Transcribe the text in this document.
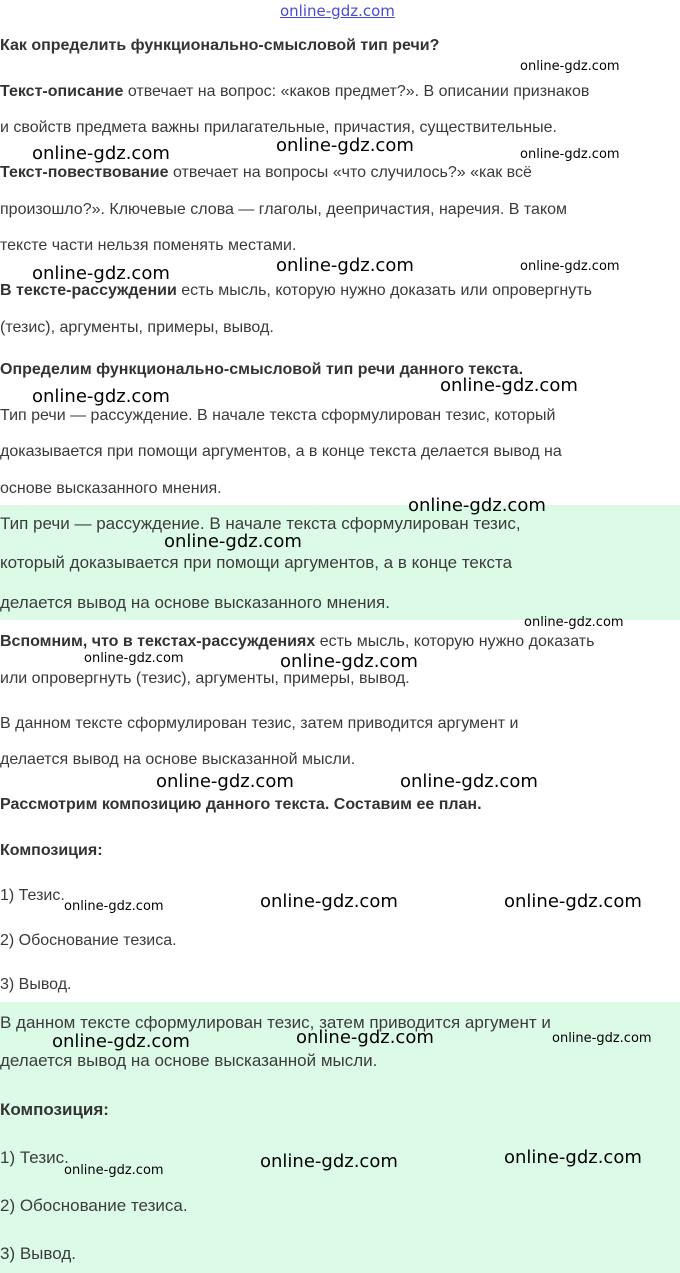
online-gdz.com

Как определить функционально-смысловой тип речи?

Текст-описание отвечает на вопрос: «каков предмет?». В описании признаков
и свойств предмета важны прилагательные, причастия, существительные.
Текст-повествование отвечает на вопросы «что случилось?» «как всё
произошло?». Ключевые слова — глаголы, деепричастия, наречия. В таком
тексте части нельзя поменять местами.
В тексте-рассуждении есть мысль, которую нужно доказать или опровергнуть
(тезис), аргументы, примеры, вывод.

Определим функционально-смысловой тип речи данного текста.

Тип речи — рассуждение. В начале текста сформулирован тезис, который
доказывается при помощи аргументов, а в конце текста делается вывод на
основе высказанного мнения.
Тип речи — рассуждение. В начале текста сформулирован тезис,
который доказывается при помощи аргументов, а в конце текста
делается вывод на основе высказанного мнения.
Вспомним, что в текстах-рассуждениях есть мысль, которую нужно доказать
или опровергнуть (тезис), аргументы, примеры, вывод.
В данном тексте сформулирован тезис, затем приводится аргумент и
делается вывод на основе высказанной мысли.

Рассмотрим композицию данного текста. Составим ее план.

Композиция:

1) Тезис.
2) Обоснование тезиса.
3) Вывод.
В данном тексте сформулирован тезис, затем приводится аргумент и
делается вывод на основе высказанной мысли.
Композиция:
1) Тезис.
2) Обоснование тезиса.
3) Вывод.
online-gdz.com
online-gdz.com	online-gdz.com	online-gdz.com
online-gdz.com	online-gdz.com	online-gdz.com
online-gdz.com
online-gdz.com
online-gdz.com
online-gdz.com
online-gdz.com
online-gdz.com	online-gdz.com
online-gdz.com	online-gdz.com
online-gdz.com	online-gdz.com	online-gdz.com
online-gdz.com	online-gdz.com	online-gdz.com
online-gdz.com	online-gdz.com	online-gdz.com
